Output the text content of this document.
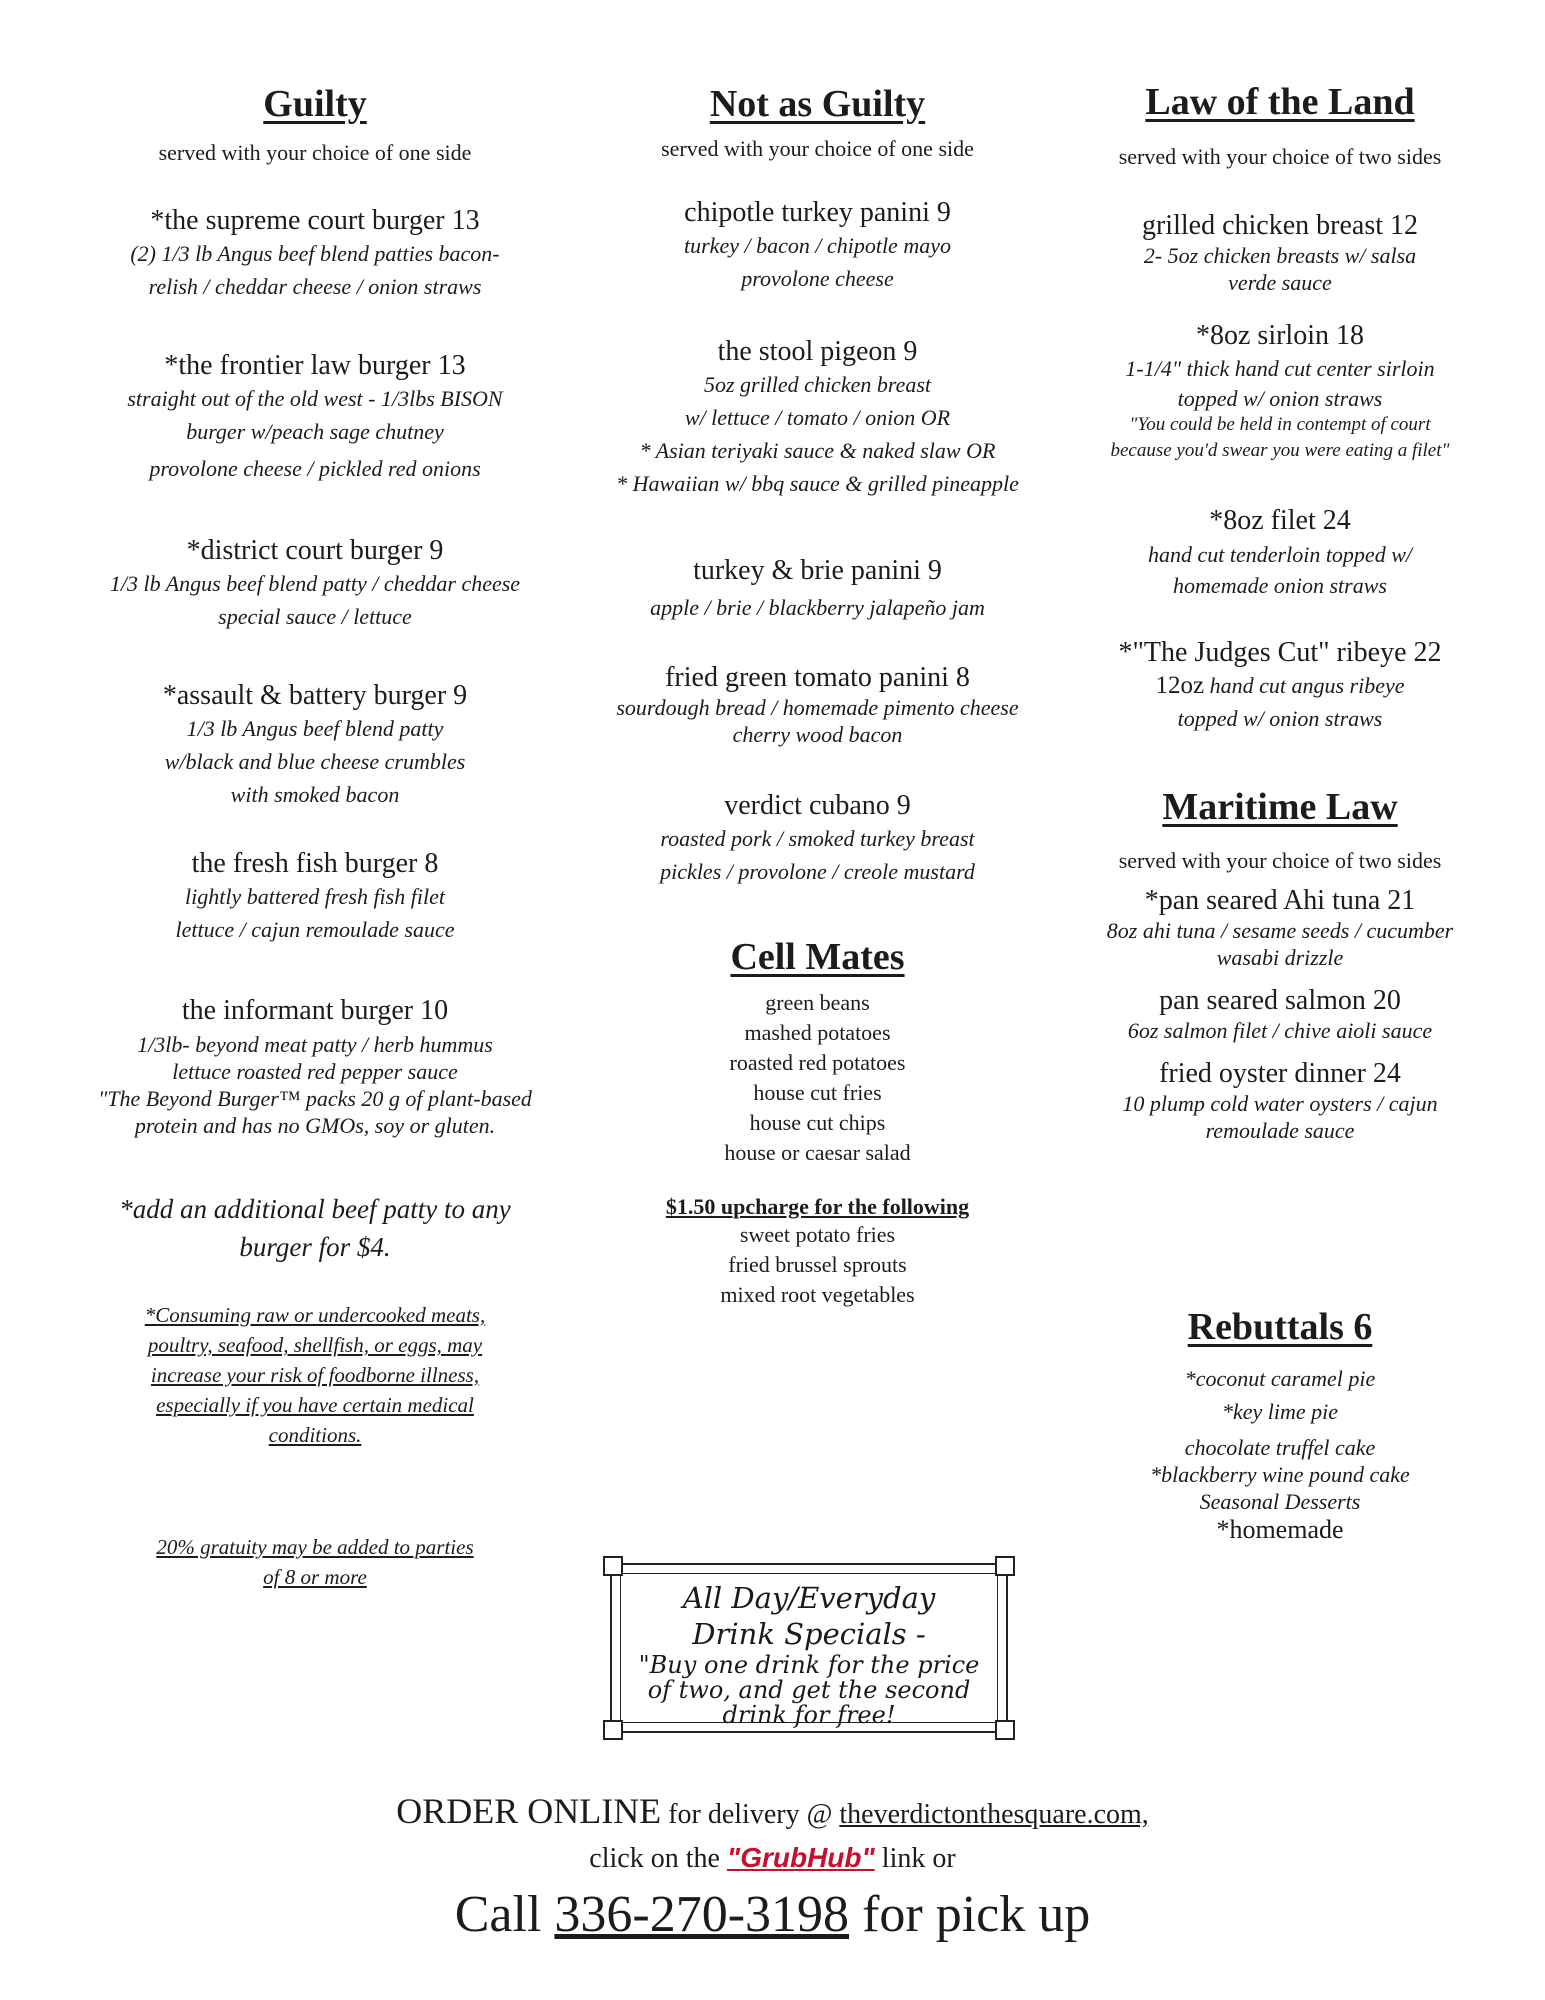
Guilty
served with your choice of one side
*the supreme court burger 13
(2) 1/3 lb Angus beef blend patties bacon-
relish / cheddar cheese / onion straws
*the frontier law burger 13
straight out of the old west - 1/3lbs BISON
burger w/peach sage chutney
provolone cheese / pickled red onions
*district court burger 9
1/3 lb Angus beef blend patty / cheddar cheese
special sauce / lettuce
*assault & battery burger 9
1/3 lb Angus beef blend patty
w/black and blue cheese crumbles
with smoked bacon
the fresh fish burger 8
lightly battered fresh fish filet
lettuce / cajun remoulade sauce
the informant burger 10
1/3lb- beyond meat patty / herb hummus
lettuce roasted red pepper sauce
"The Beyond Burger™ packs 20 g of plant-based
protein and has no GMOs, soy or gluten.
*add an additional beef patty to any
burger for $4.
*Consuming raw or undercooked meats,
poultry, seafood, shellfish, or eggs, may
increase your risk of foodborne illness,
especially if you have certain medical
conditions.
20% gratuity may be added to parties
of 8 or more
Not as Guilty
served with your choice of one side
chipotle turkey panini 9
turkey / bacon / chipotle mayo
provolone cheese
the stool pigeon 9
5oz grilled chicken breast
w/ lettuce / tomato / onion OR
* Asian teriyaki sauce & naked slaw OR
* Hawaiian w/ bbq sauce & grilled pineapple
turkey & brie panini 9
apple / brie / blackberry jalapeño jam
fried green tomato panini 8
sourdough bread / homemade pimento cheese
cherry wood bacon
verdict cubano 9
roasted pork / smoked turkey breast
pickles / provolone / creole mustard
Cell Mates
green beans
mashed potatoes
roasted red potatoes
house cut fries
house cut chips
house or caesar salad
$1.50 upcharge for the following
sweet potato fries
fried brussel sprouts
mixed root vegetables
Law of the Land
served with your choice of two sides
grilled chicken breast 12
2- 5oz chicken breasts w/ salsa
verde sauce
*8oz sirloin 18
1-1/4" thick hand cut center sirloin
topped w/ onion straws
"You could be held in contempt of court
because you'd swear you were eating a filet"
*8oz filet 24
hand cut tenderloin topped w/
homemade onion straws
*"The Judges Cut" ribeye 22
12oz hand cut angus ribeye
topped w/ onion straws
Maritime Law
served with your choice of two sides
*pan seared Ahi tuna 21
8oz ahi tuna / sesame seeds / cucumber
wasabi drizzle
pan seared salmon 20
6oz salmon filet / chive aioli sauce
fried oyster dinner 24
10 plump cold water oysters / cajun
remoulade sauce
Rebuttals 6
*coconut caramel pie
*key lime pie
chocolate truffel cake
*blackberry wine pound cake
Seasonal Desserts
*homemade
All Day/Everyday
Drink Specials -
"Buy one drink for the price
of two, and get the second
drink for free!
ORDER ONLINE for delivery @ theverdictonthesquare.com,
click on the "GrubHub" link or
Call 336-270-3198 for pick up
